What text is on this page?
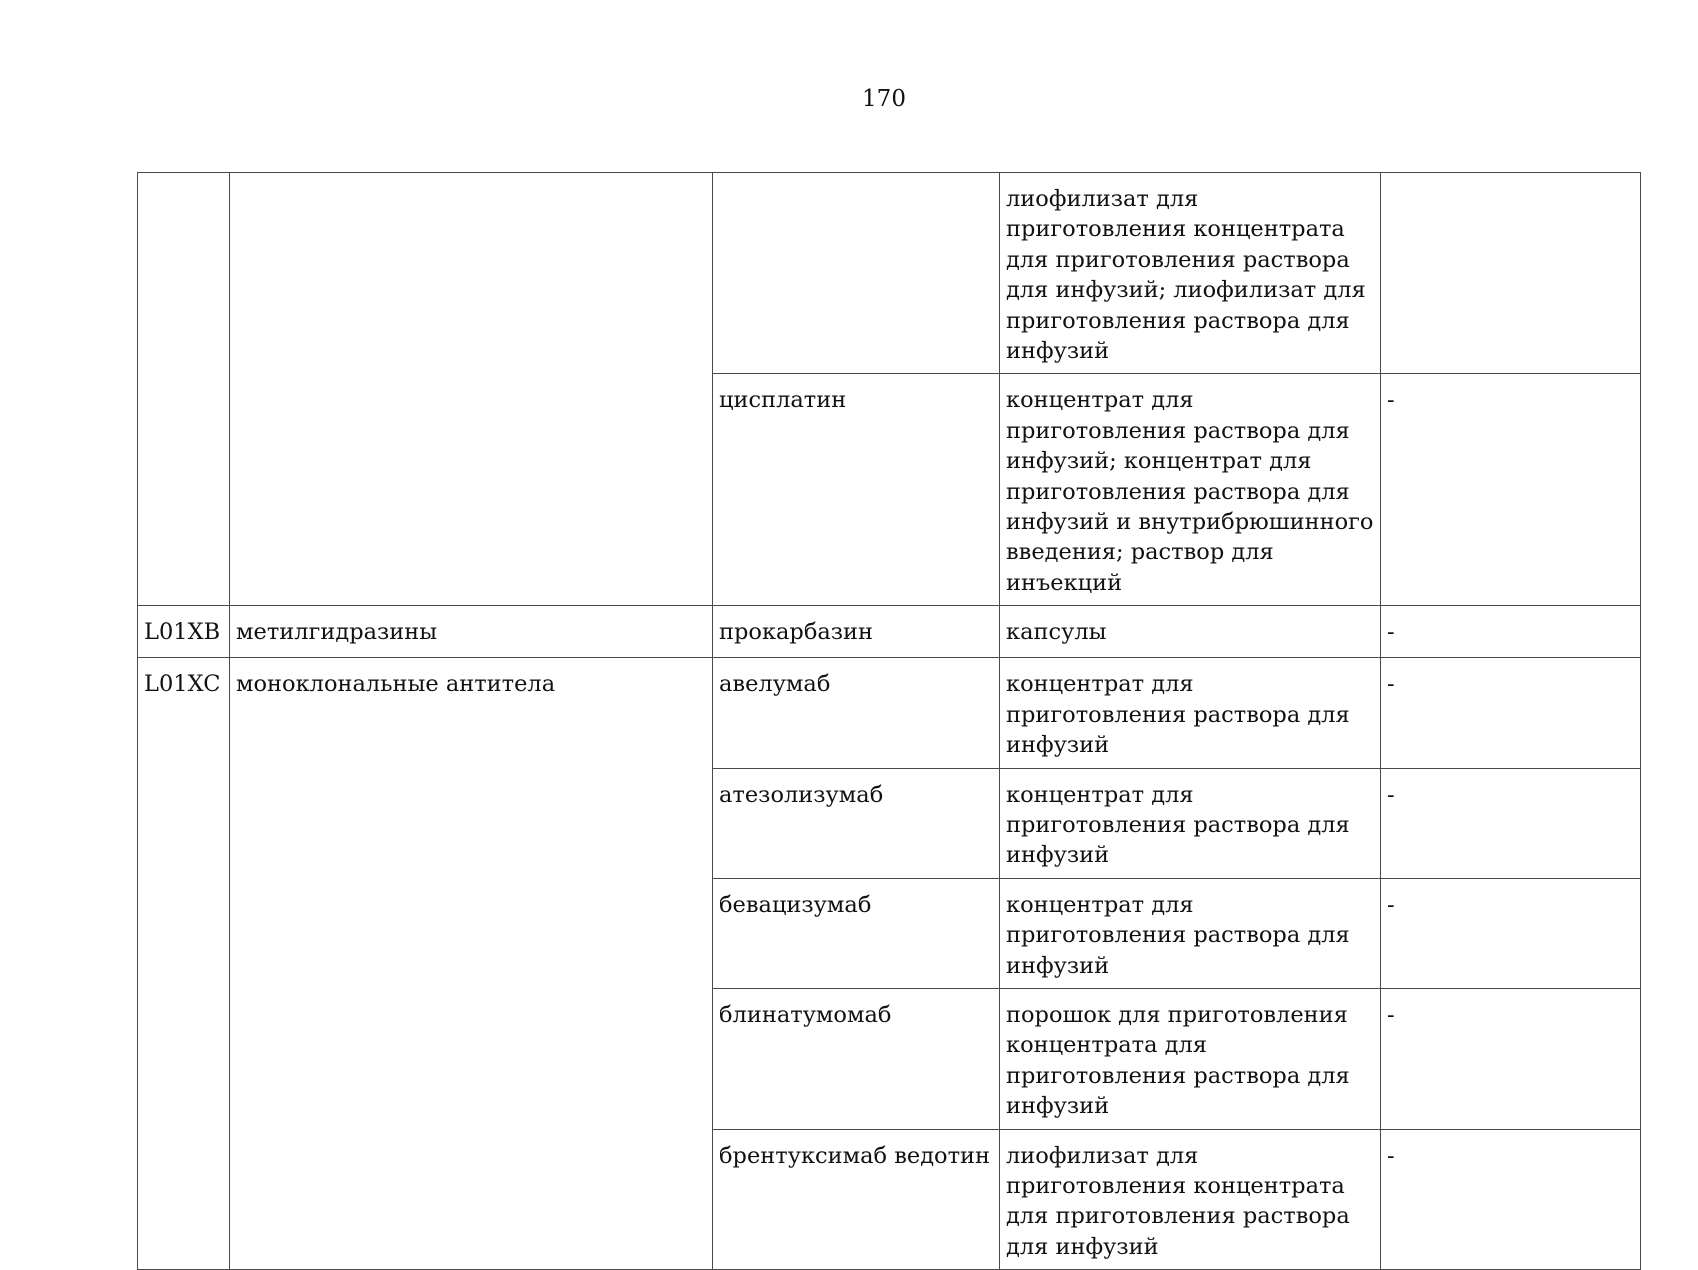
170
			лиофилизат для приготовления концентрата для приготовления раствора для инфузий; лиофилизат для приготовления раствора для инфузий	
		цисплатин	концентрат для приготовления раствора для инфузий; концентрат для приготовления раствора для инфузий и внутрибрюшинного введения; раствор для инъекций	-
L01XB	метилгидразины	прокарбазин	капсулы	-
L01XC	моноклональные антитела	авелумаб	концентрат для приготовления раствора для инфузий	-
		атезолизумаб	концентрат для приготовления раствора для инфузий	-
		бевацизумаб	концентрат для приготовления раствора для инфузий	-
		блинатумомаб	порошок для приготовления концентрата для приготовления раствора для инфузий	-
		брентуксимаб ведотин	лиофилизат для приготовления концентрата для приготовления раствора для инфузий	-
